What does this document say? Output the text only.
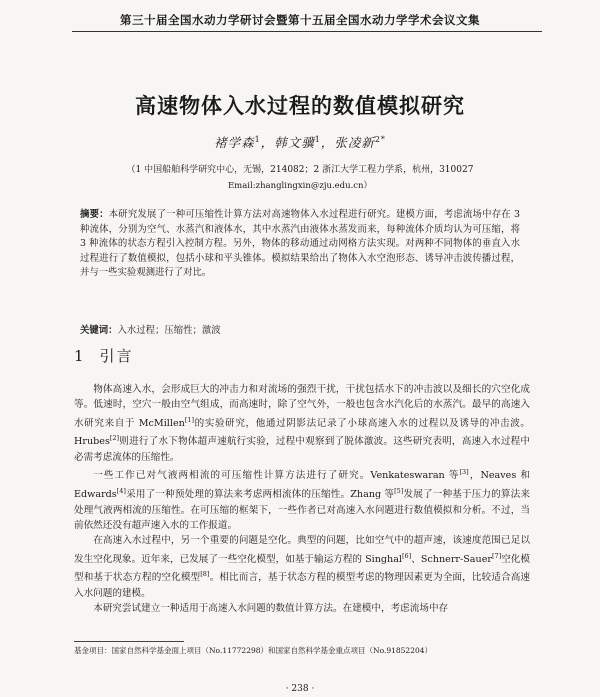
第三十届全国水动力学研讨会暨第十五届全国水动力学学术会议文集
高速物体入水过程的数值模拟研究
褚学森$^1$，韩文骥$^1$，张凌新$^{2*}$
（1 中国船舶科学研究中心，无锡，214082；2 浙江大学工程力学系，杭州，310027
Email:zhanglingxin@zju.edu.cn）
摘要：本研究发展了一种可压缩性计算方法对高速物体入水过程进行研究。建模方面，考虑流场中存在 3 种流体，分别为空气、水蒸汽和液体水，其中水蒸汽由液体水蒸发而来，每种流体介质均认为可压缩，将 3 种流体的状态方程引入控制方程。另外，物体的移动通过动网格方法实现。对两种不同物体的垂直入水过程进行了数值模拟，包括小球和平头锥体。模拟结果给出了物体入水空泡形态、诱导冲击波传播过程，并与一些实验观测进行了对比。
关键词：入水过程；压缩性；激波
1 引言

物体高速入水，会形成巨大的冲击力和对流场的强烈干扰，干扰包括水下的冲击波以及细长的穴空化成等。低速时，空穴一般由空气组成，而高速时，除了空气外，一般也包含水汽化后的水蒸汽。最早的高速入水研究来自于 McMillen[1]的实验研究，他通过阴影法记录了小球高速入水的过程以及诱导的冲击波。Hrubes[2]则进行了水下物体超声速航行实验，过程中观察到了脱体激波。这些研究表明，高速入水过程中必需考虑流体的压缩性。

一些工作已对气液两相流的可压缩性计算方法进行了研究。Venkateswaran 等[3]，Neaves 和 Edwards[4]采用了一种预处理的算法来考虑两相流体的压缩性。Zhang 等[5]发展了一种基于压力的算法来处理气液两相流的压缩性。在可压缩的框架下，一些作者已对高速入水问题进行数值模拟和分析。不过，当前依然还没有超声速入水的工作报道。

在高速入水过程中，另一个重要的问题是空化。典型的问题，比如空气中的超声速，该速度范围已足以发生空化现象。近年来，已发展了一些空化模型，如基于输运方程的 Singhal[6]、Schnerr-Sauer[7]空化模型和基于状态方程的空化模型[8]。相比而言，基于状态方程的模型考虑的物理因素更为全面，比较适合高速入水问题的建模。

本研究尝试建立一种适用于高速入水问题的数值计算方法。在建模中，考虑流场中存

基金项目：国家自然科学基金面上项目（No.11772298）和国家自然科学基金重点项目（No.91852204）
· 238 ·
